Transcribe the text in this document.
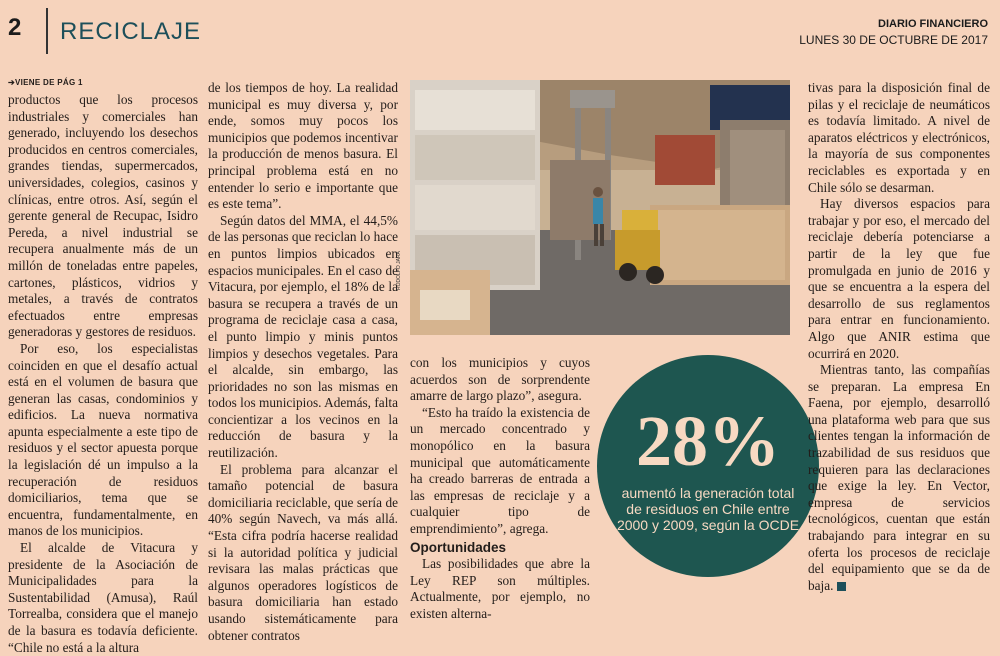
2 RECICLAJE	DIARIO FINANCIERO
LUNES 30 DE OCTUBRE DE 2017
➔VIENE DE PÁG 1

productos que los procesos industriales y comerciales han generado, incluyendo los desechos producidos en centros comerciales, grandes tiendas, supermercados, universidades, colegios, casinos y clínicas, entre otros. Así, según el gerente general de Recupac, Isidro Pereda, a nivel industrial se recupera anualmente más de un millón de toneladas entre papeles, cartones, plásticos, vidrios y metales, a través de contratos efectuados entre empresas generadoras y gestores de residuos.

Por eso, los especialistas coinciden en que el desafío actual está en el volumen de basura que generan las casas, condominios y edificios. La nueva normativa apunta especialmente a este tipo de residuos y el sector apuesta porque la legislación dé un impulso a la recuperación de residuos domiciliarios, tema que se encuentra, fundamentalmente, en manos de los municipios.

El alcalde de Vitacura y presidente de la Asociación de Municipalidades para la Sustentabilidad (Amusa), Raúl Torrealba, considera que el manejo de la basura es todavía deficiente. “Chile no está a la altura

de los tiempos de hoy. La realidad municipal es muy diversa y, por ende, somos muy pocos los municipios que podemos incentivar la producción de menos basura. El principal problema está en no entender lo serio e importante que es este tema”.

Según datos del MMA, el 44,5% de las personas que reciclan lo hace en puntos limpios ubicados en espacios municipales. En el caso de Vitacura, por ejemplo, el 18% de la basura se recupera a través de un programa de reciclaje casa a casa, el punto limpio y minis puntos limpios y desechos vegetales. Para el alcalde, sin embargo, las prioridades no son las mismas en todos los municipios. Además, falta concientizar a los vecinos en la reducción de basura y la reutilización.

El problema para alcanzar el tamaño potencial de basura domiciliaria reciclable, que sería de 40% según Navech, va más allá. “Esta cifra podría hacerse realidad si la autoridad política y judicial revisara las malas prácticas que algunos operadores logísticos de basura domiciliaria han estado usando sistemáticamente para obtener contratos

RODOLFO JARA

con los municipios y cuyos acuerdos son de sorprendente amarre de largo plazo”, asegura.

“Esto ha traído la existencia de un mercado concentrado y monopólico en la basura municipal que automáticamente ha creado barreras de entrada a las empresas de reciclaje y a cualquier tipo de emprendimiento”, agrega.

Oportunidades

Las posibilidades que abre la Ley REP son múltiples. Actualmente, por ejemplo, no existen alterna-

28%
aumentó la generación total de residuos en Chile entre 2000 y 2009, según la OCDE

tivas para la disposición final de pilas y el reciclaje de neumáticos es todavía limitado. A nivel de aparatos eléctricos y electrónicos, la mayoría de sus componentes reciclables es exportada y en Chile sólo se desarman.

Hay diversos espacios para trabajar y por eso, el mercado del reciclaje debería potenciarse a partir de la ley que fue promulgada en junio de 2016 y que se encuentra a la espera del desarrollo de sus reglamentos para entrar en funcionamiento. Algo que ANIR estima que ocurrirá en 2020.

Mientras tanto, las compañías se preparan. La empresa En Faena, por ejemplo, desarrolló una plataforma web para que sus clientes tengan la información de trazabilidad de sus residuos que requieren para las declaraciones que exige la ley. En Vector, empresa de servicios tecnológicos, cuentan que están trabajando para integrar en su oferta los procesos de reciclaje del equipamiento que se da de baja.
